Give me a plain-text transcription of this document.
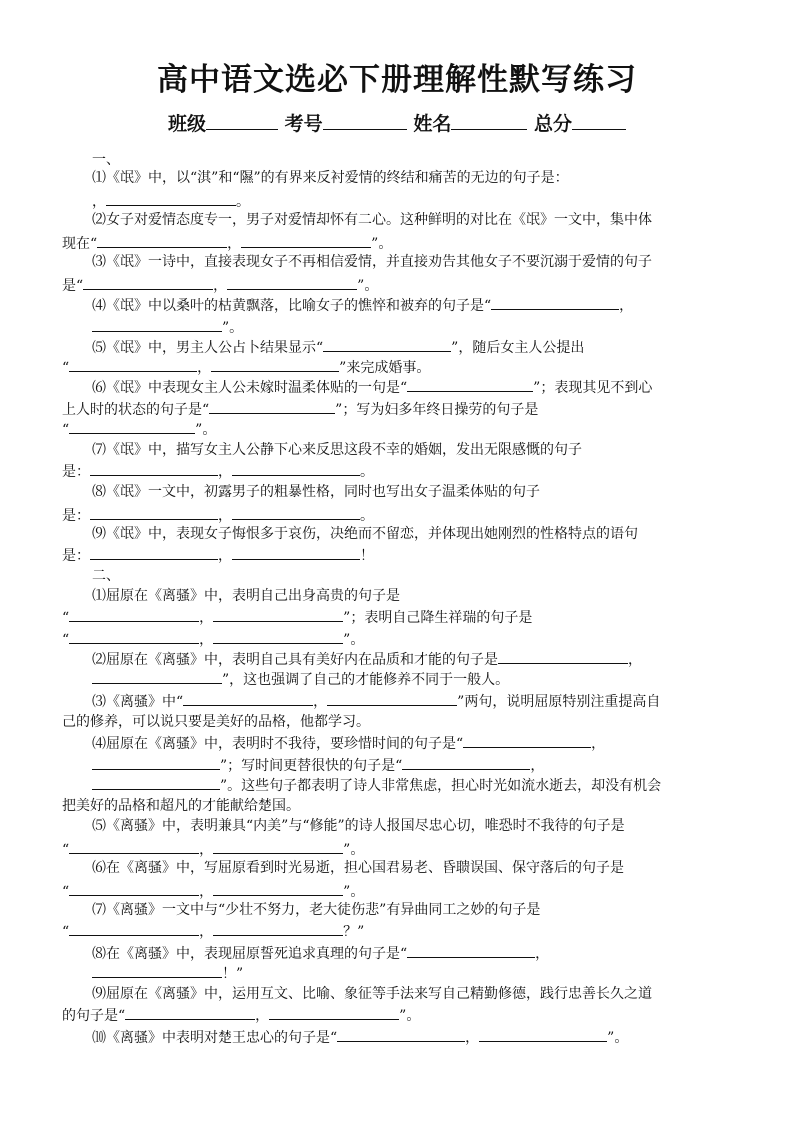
高中语文选必下册理解性默写练习
班级	考号	姓名	总分
一、
⑴《氓》中，以“淇”和“隰”的有界来反衬爱情的终结和痛苦的无边的句子是：
，	。
⑵女子对爱情态度专一，男子对爱情却怀有二心。这种鲜明的对比在《氓》一文中，集中体
现在“	，	”。
⑶《氓》一诗中，直接表现女子不再相信爱情，并直接劝告其他女子不要沉溺于爱情的句子
是“	，	”。
⑷《氓》中以桑叶的枯黄飘落，比喻女子的憔悴和被弃的句子是“	，
”。
⑸《氓》中，男主人公占卜结果显示“	”，随后女主人公提出
“	，	”来完成婚事。
⑹《氓》中表现女主人公未嫁时温柔体贴的一句是“	”；表现其见不到心
上人时的状态的句子是“	”；写为妇多年终日操劳的句子是
“	”。
⑺《氓》中，描写女主人公静下心来反思这段不幸的婚姻，发出无限感慨的句子
是：	，	。
⑻《氓》一文中，初露男子的粗暴性格，同时也写出女子温柔体贴的句子
是：	，	。
⑼《氓》中，表现女子悔恨多于哀伤，决绝而不留恋，并体现出她刚烈的性格特点的语句
是：	，	！
二、
⑴屈原在《离骚》中，表明自己出身高贵的句子是
“	，	”；表明自己降生祥瑞的句子是
“	，	”。
⑵屈原在《离骚》中，表明自己具有美好内在品质和才能的句子是	，
”，这也强调了自己的才能修养不同于一般人。
⑶《离骚》中“	，	”两句，说明屈原特别注重提高自
己的修养，可以说只要是美好的品格，他都学习。
⑷屈原在《离骚》中，表明时不我待，要珍惜时间的句子是“	，
”；写时间更替很快的句子是“	，
”。这些句子都表明了诗人非常焦虑，担心时光如流水逝去，却没有机会
把美好的品格和超凡的才能献给楚国。
⑸《离骚》中，表明兼具“内美”与“修能”的诗人报国尽忠心切，唯恐时不我待的句子是
“	，	”。
⑹在《离骚》中，写屈原看到时光易逝，担心国君易老、昏聩误国、保守落后的句子是
“	，	”。
⑺《离骚》一文中与“少壮不努力，老大徒伤悲”有异曲同工之妙的句子是
“	，	？”
⑻在《离骚》中，表现屈原誓死追求真理的句子是“	，
！”
⑼屈原在《离骚》中，运用互文、比喻、象征等手法来写自己精勤修德，践行忠善长久之道
的句子是“	，	”。
⑽《离骚》中表明对楚王忠心的句子是“	，	”。
